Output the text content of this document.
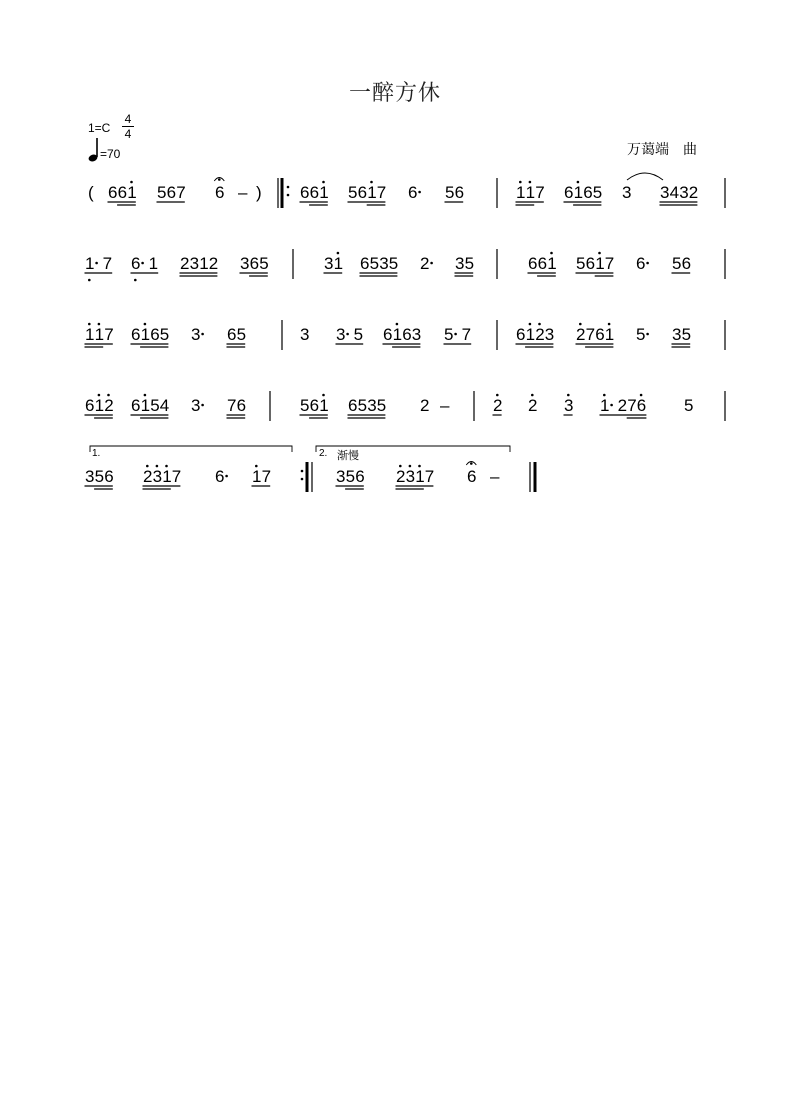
一醉方休
1=C
4
4
=70	万蔼端　曲
( 6 6 1 5 6 7 6 – ) 6 6 1 5 6 1 7 6 5 6	1 1 7 6 1 6 5 3 3 4 3 2
1 7 6 1 2 3 1 2 3 6 5	3 1 6 5 3 5 2 3 5	6 6 1 5 6 1 7 6 5 6
1 1 7 6 1 6 5 3 6 5	3 3 5 6 1 6 3 5 7	6 1 2 3 2 7 6 1 5 3 5
6 1 2 6 1 5 4 3 7 6	5 6 1 6 5 3 5 2 –	2 2 3 1 2 7 6 5
3 5 6 2 3 1 7 6 1 7	3 5 6 2 3 1 7 6 –
1.	2. 渐慢
